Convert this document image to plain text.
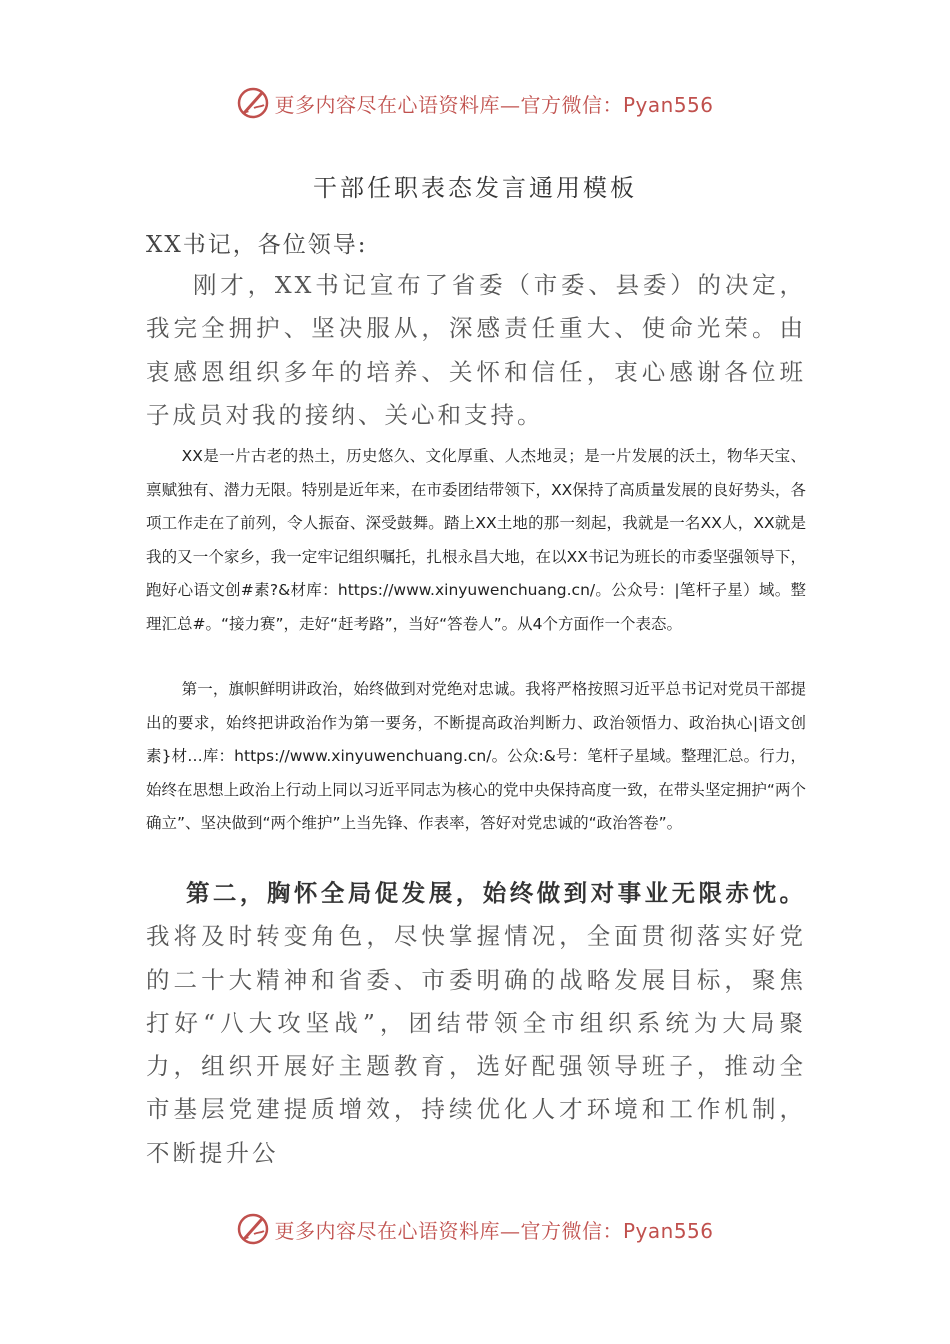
更多内容尽在心语资料库—官方微信：Pyan556
干部任职表态发言通用模板
XX书记，各位领导:

刚才，XX书记宣布了省委（市委、县委）的决定，我完全拥护、坚决服从，深感责任重大、使命光荣。由衷感恩组织多年的培养、关怀和信任，衷心感谢各位班子成员对我的接纳、关心和支持。

XX是一片古老的热土，历史悠久、文化厚重、人杰地灵；是一片发展的沃土，物华天宝、禀赋独有、潜力无限。特别是近年来，在市委团结带领下，XX保持了高质量发展的良好势头，各项工作走在了前列，令人振奋、深受鼓舞。踏上XX土地的那一刻起，我就是一名XX人，XX就是我的又一个家乡，我一定牢记组织嘱托，扎根永昌大地，在以XX书记为班长的市委坚强领导下，跑好心语文创#素?&材库：https://www.xinyuwenchuang.cn/。公众号：|笔杆子星）域。整理汇总#。“接力赛”，走好“赶考路”，当好“答卷人”。从4个方面作一个表态。

第一，旗帜鲜明讲政治，始终做到对党绝对忠诚。我将严格按照习近平总书记对党员干部提出的要求，始终把讲政治作为第一要务，不断提高政治判断力、政治领悟力、政治执心|语文创素}材…库：https://www.xinyuwenchuang.cn/。公众:&号：笔杆子星域。整理汇总。行力，始终在思想上政治上行动上同以习近平同志为核心的党中央保持高度一致，在带头坚定拥护“两个确立”、坚决做到“两个维护”上当先锋、作表率，答好对党忠诚的“政治答卷”。

第二，胸怀全局促发展，始终做到对事业无限赤忱。我将及时转变角色，尽快掌握情况，全面贯彻落实好党的二十大精神和省委、市委明确的战略发展目标，聚焦打好“八大攻坚战”，团结带领全市组织系统为大局聚力，组织开展好主题教育，选好配强领导班子，推动全市基层党建提质增效，持续优化人才环境和工作机制，不断提升公

更多内容尽在心语资料库—官方微信：Pyan556
